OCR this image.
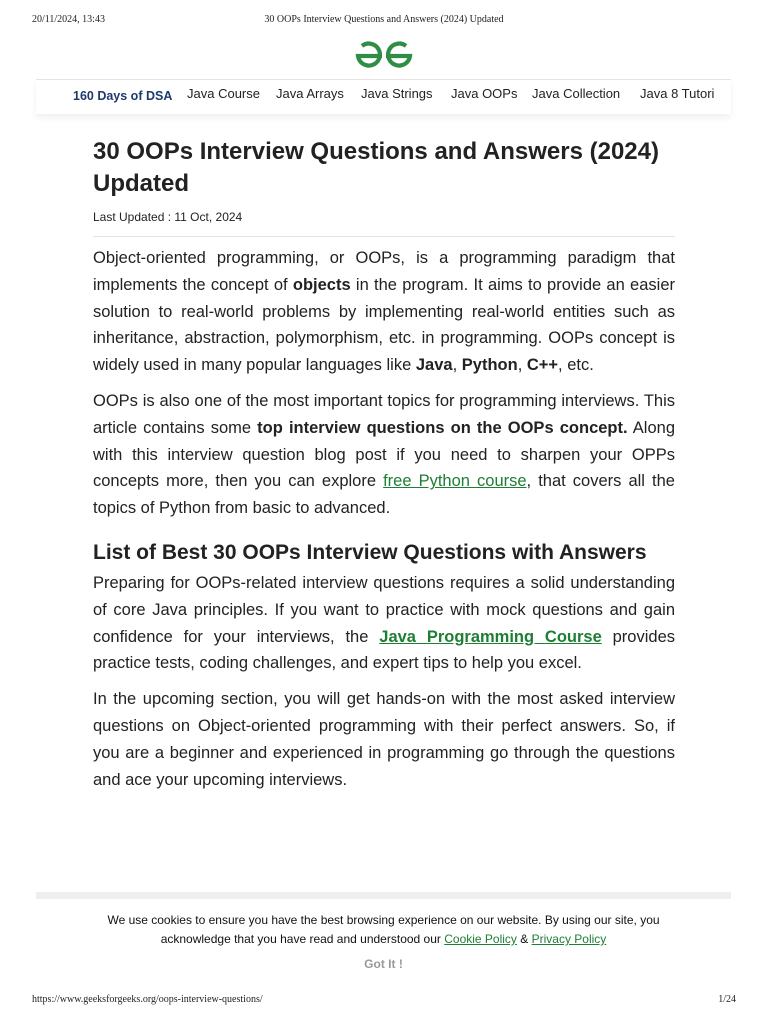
20/11/2024, 13:43	30 OOPs Interview Questions and Answers (2024) Updated
160 Days of DSA Java Course Java Arrays Java Strings Java OOPs Java Collection Java 8 Tutori
30 OOPs Interview Questions and Answers (2024) Updated
Last Updated : 11 Oct, 2024

Object-oriented programming, or OOPs, is a programming paradigm that implements the concept of objects in the program. It aims to provide an easier solution to real-world problems by implementing real-world entities such as inheritance, abstraction, polymorphism, etc. in programming. OOPs concept is widely used in many popular languages like Java, Python, C++, etc.

OOPs is also one of the most important topics for programming interviews. This article contains some top interview questions on the OOPs concept. Along with this interview question blog post if you need to sharpen your OPPs concepts more, then you can explore free Python course, that covers all the topics of Python from basic to advanced.

List of Best 30 OOPs Interview Questions with Answers

Preparing for OOPs-related interview questions requires a solid understanding of core Java principles. If you want to practice with mock questions and gain confidence for your interviews, the Java Programming Course provides practice tests, coding challenges, and expert tips to help you excel.

In the upcoming section, you will get hands-on with the most asked interview questions on Object-oriented programming with their perfect answers. So, if you are a beginner and experienced in programming go through the questions and ace your upcoming interviews.

We use cookies to ensure you have the best browsing experience on our website. By using our site, you acknowledge that you have read and understood our Cookie Policy & Privacy Policy
Got It !
https://www.geeksforgeeks.org/oops-interview-questions/	1/24
